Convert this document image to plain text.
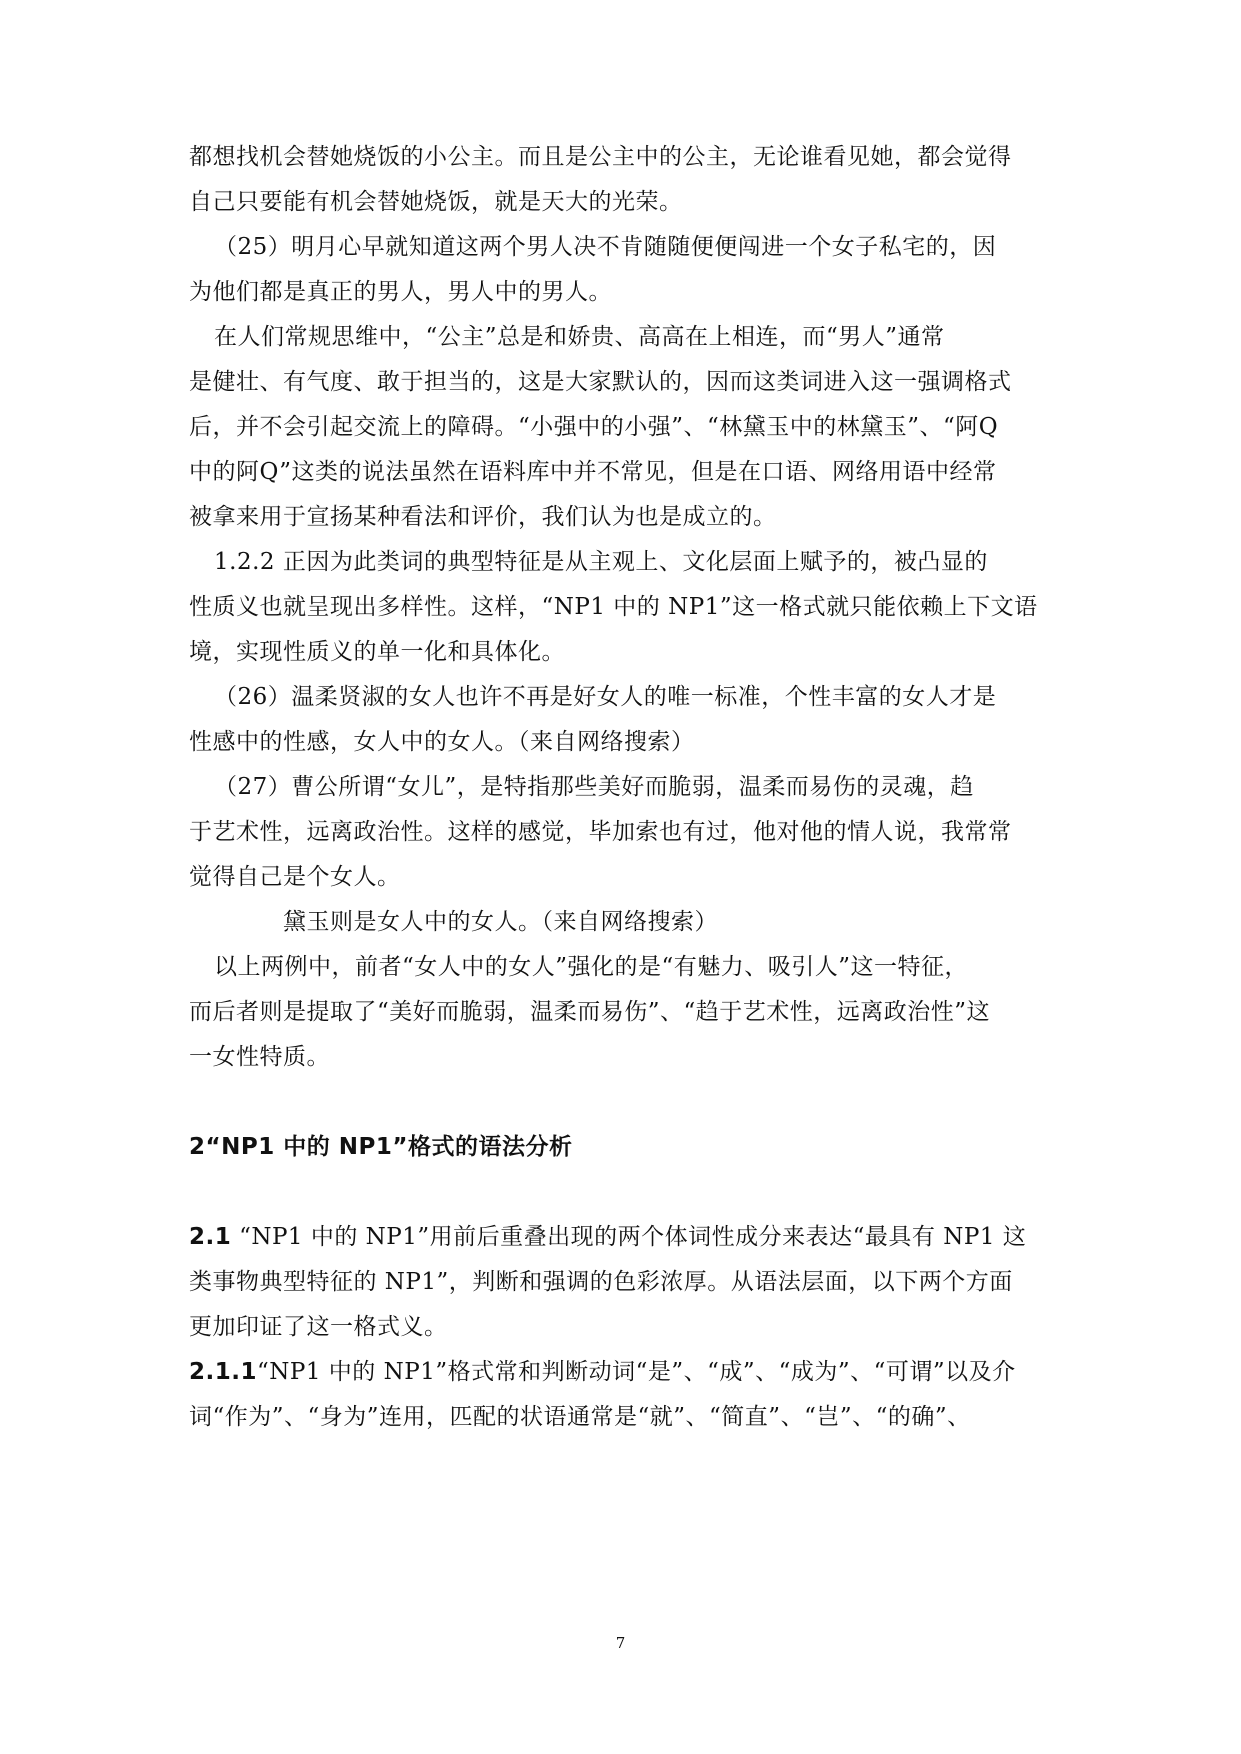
都想找机会替她烧饭的小公主。而且是公主中的公主，无论谁看见她，都会觉得
自己只要能有机会替她烧饭，就是天大的光荣。
（25）明月心早就知道这两个男人决不肯随随便便闯进一个女子私宅的，因
为他们都是真正的男人，男人中的男人。
在人们常规思维中，“公主”总是和娇贵、高高在上相连，而“男人”通常
是健壮、有气度、敢于担当的，这是大家默认的，因而这类词进入这一强调格式
后，并不会引起交流上的障碍。“小强中的小强”、“林黛玉中的林黛玉”、“阿Q
中的阿Q”这类的说法虽然在语料库中并不常见，但是在口语、网络用语中经常
被拿来用于宣扬某种看法和评价，我们认为也是成立的。
1.2.2 正因为此类词的典型特征是从主观上、文化层面上赋予的，被凸显的
性质义也就呈现出多样性。这样，“NP1 中的 NP1”这一格式就只能依赖上下文语
境，实现性质义的单一化和具体化。
（26）温柔贤淑的女人也许不再是好女人的唯一标准，个性丰富的女人才是
性感中的性感，女人中的女人。（来自网络搜索）
（27）曹公所谓“女儿”，是特指那些美好而脆弱，温柔而易伤的灵魂，趋
于艺术性，远离政治性。这样的感觉，毕加索也有过，他对他的情人说，我常常
觉得自己是个女人。
黛玉则是女人中的女人。（来自网络搜索）
以上两例中，前者“女人中的女人”强化的是“有魅力、吸引人”这一特征，
而后者则是提取了“美好而脆弱，温柔而易伤”、“趋于艺术性，远离政治性”这
一女性特质。
2“NP1 中的 NP1”格式的语法分析
2.1 “NP1 中的 NP1”用前后重叠出现的两个体词性成分来表达“最具有 NP1 这
类事物典型特征的 NP1”，判断和强调的色彩浓厚。从语法层面，以下两个方面
更加印证了这一格式义。
2.1.1“NP1 中的 NP1”格式常和判断动词“是”、“成”、“成为”、“可谓”以及介
词“作为”、“身为”连用，匹配的状语通常是“就”、“简直”、“岂”、“的确”、
7
